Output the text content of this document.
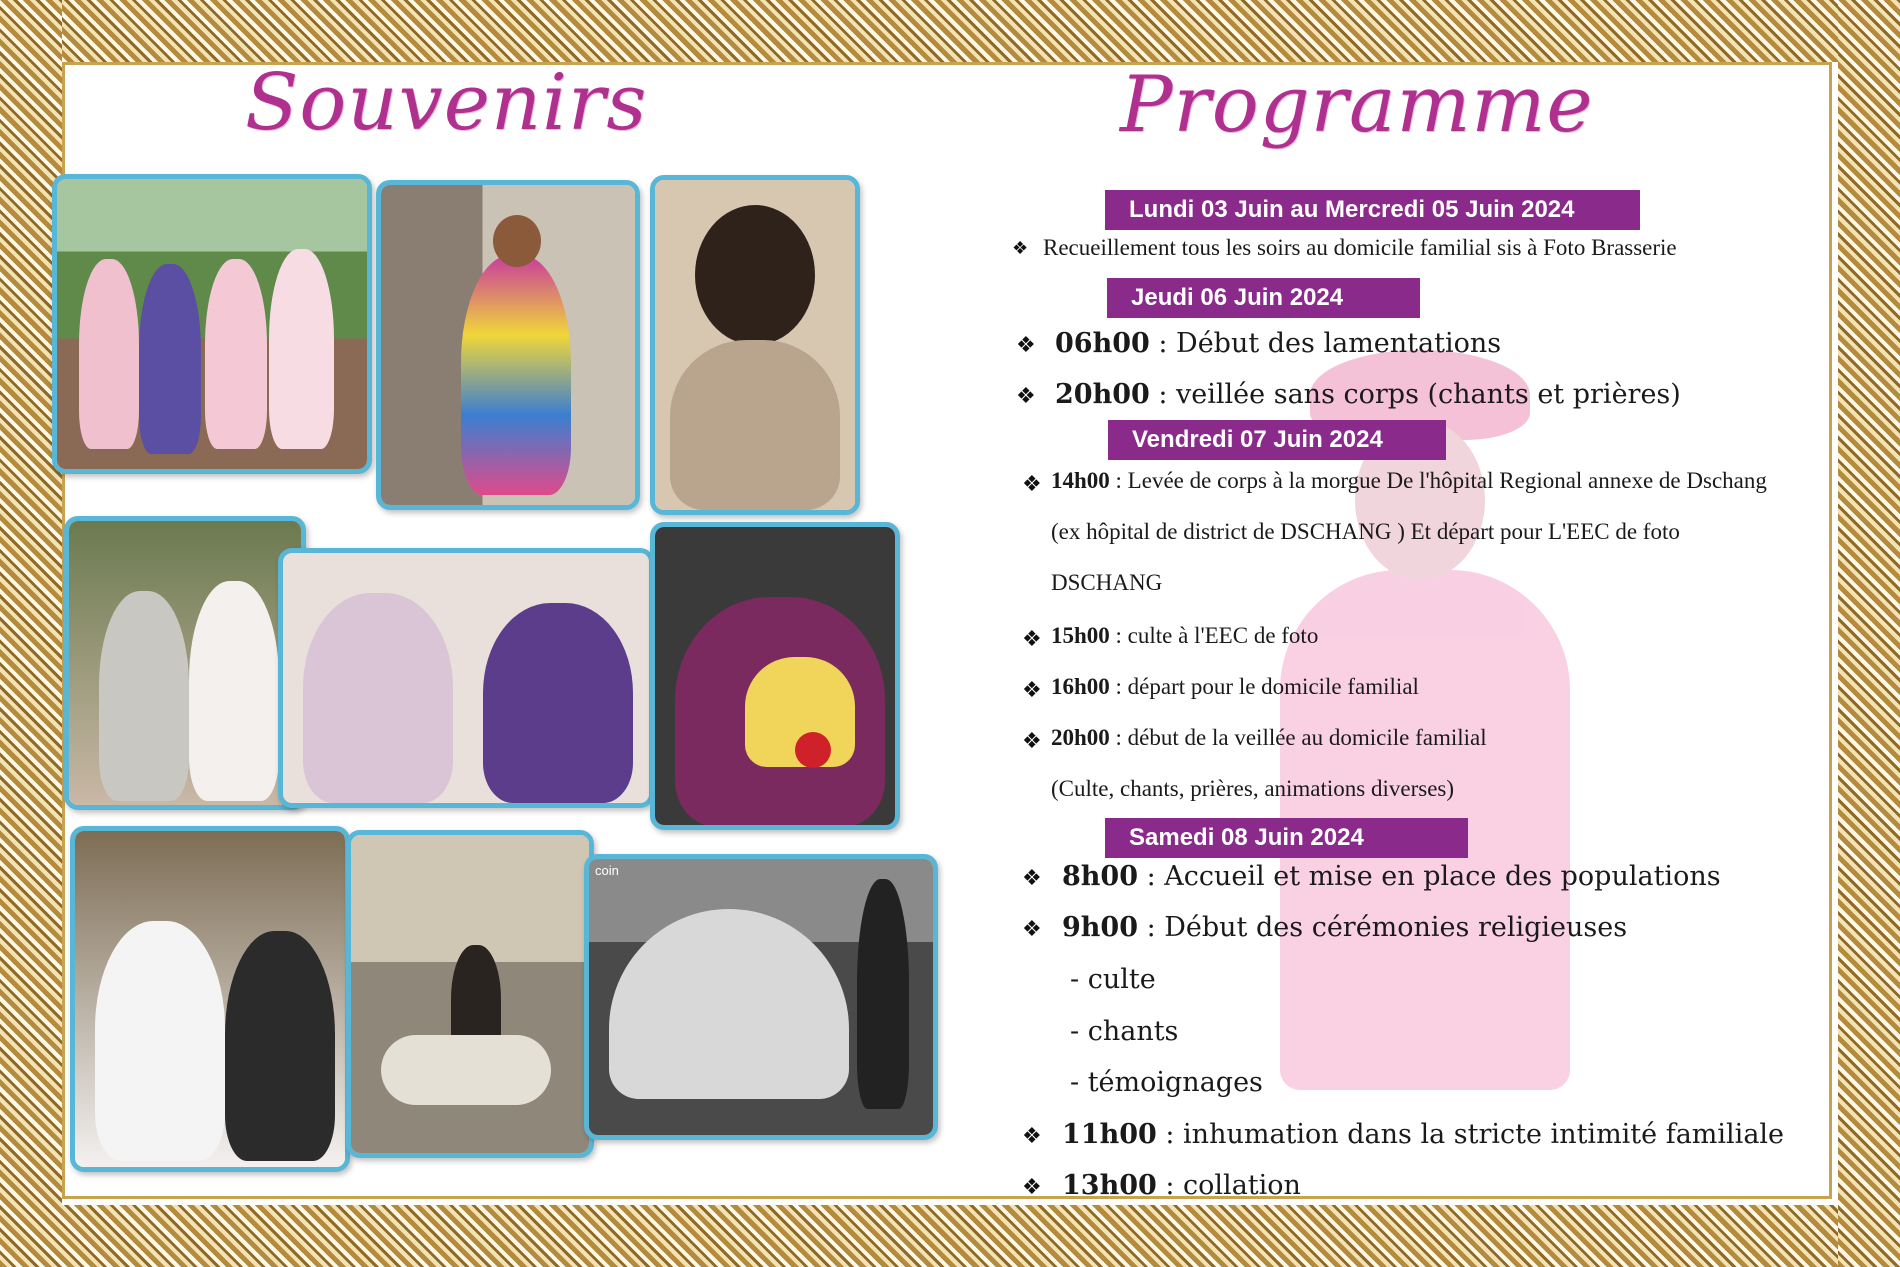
Souvenirs	Programme
coin
Lundi 03 Juin au Mercredi 05 Juin 2024
Jeudi 06 Juin 2024
Vendredi 07 Juin 2024
Samedi 08 Juin 2024
❖ Recueillement tous les soirs au domicile familial sis à Foto Brasserie
❖ 06h00 : Début des lamentations
❖ 20h00 : veillée sans corps (chants et prières)
❖ 14h00 : Levée de corps à la morgue De l'hôpital Regional annexe de Dschang
(ex hôpital de district de DSCHANG ) Et départ pour L'EEC de foto
DSCHANG
❖ 15h00 : culte à l'EEC de foto
❖ 16h00 : départ pour le domicile familial
❖ 20h00 : début de la veillée au domicile familial
(Culte, chants, prières, animations diverses)
❖ 8h00 : Accueil et mise en place des populations
❖ 9h00 : Début des cérémonies religieuses
- culte
- chants
- témoignages
❖ 11h00 : inhumation dans la stricte intimité familiale
❖ 13h00 : collation
